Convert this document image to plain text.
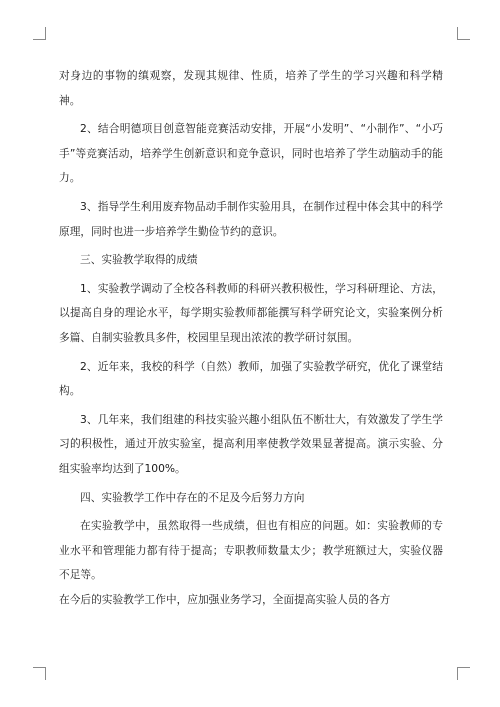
对身边的事物的缜观察，发现其规律、性质，培养了学生的学习兴趣和科学精神。

2、结合明德项目创意智能竞赛活动安排，开展“小发明”、“小制作”、“小巧手”等竞赛活动，培养学生创新意识和竞争意识，同时也培养了学生动脑动手的能力。

3、指导学生利用废弃物品动手制作实验用具，在制作过程中体会其中的科学原理，同时也进一步培养学生勤俭节约的意识。

三、实验教学取得的成绩

1、实验教学调动了全校各科教师的科研兴教积极性，学习科研理论、方法，以提高自身的理论水平，每学期实验教师都能撰写科学研究论文，实验案例分析多篇、自制实验教具多件，校园里呈现出浓浓的教学研讨氛围。

2、近年来，我校的科学（自然）教师，加强了实验教学研究，优化了课堂结构。

3、几年来，我们组建的科技实验兴趣小组队伍不断壮大，有效激发了学生学习的积极性，通过开放实验室，提高利用率使教学效果显著提高。演示实验、分组实验率均达到了100%。

四、实验教学工作中存在的不足及今后努力方向

在实验教学中，虽然取得一些成绩，但也有相应的问题。如：实验教师的专业水平和管理能力都有待于提高；专职教师数量太少；教学班额过大，实验仪器不足等。

在今后的实验教学工作中，应加强业务学习，全面提高实验人员的各方
